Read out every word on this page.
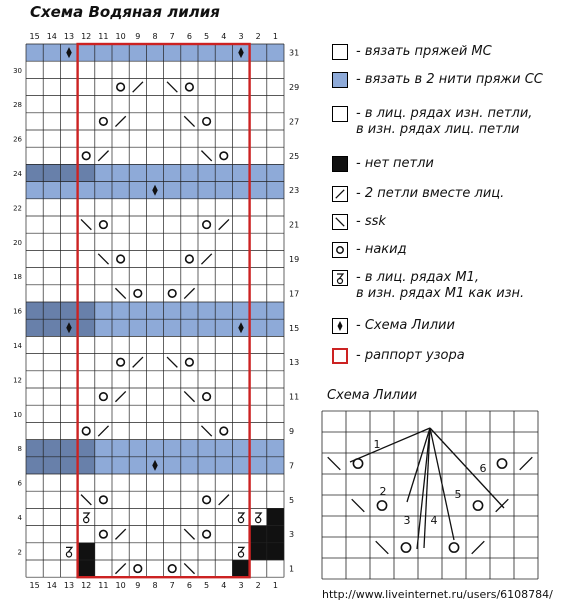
15 14 13 12 11 10 9 8 7 6 5 4 3 2 1
15 14 13 12 11 10 9 8 7 6 5 4 3 2 1
30
28
26
24
22
20
18
16
14
12
10
8
6
4
2
31
29
27
25
23
21
19
17
15
13
11
9
7
5
3
1
1
2
3 4
5
6
Схема Водяная лилия
- вязать пряжей МС
- вязать в 2 нити пряжи СС
- в лиц. рядах изн. петли,
в изн. рядах лиц. петли
- нет петли
- 2 петли вместе лиц.
- ssk
- накид
- в лиц. рядах М1,
в изн. рядах М1 как изн.
- Схема Лилии
- раппорт узора
Схема Лилии
http://www.liveinternet.ru/users/6108784/
